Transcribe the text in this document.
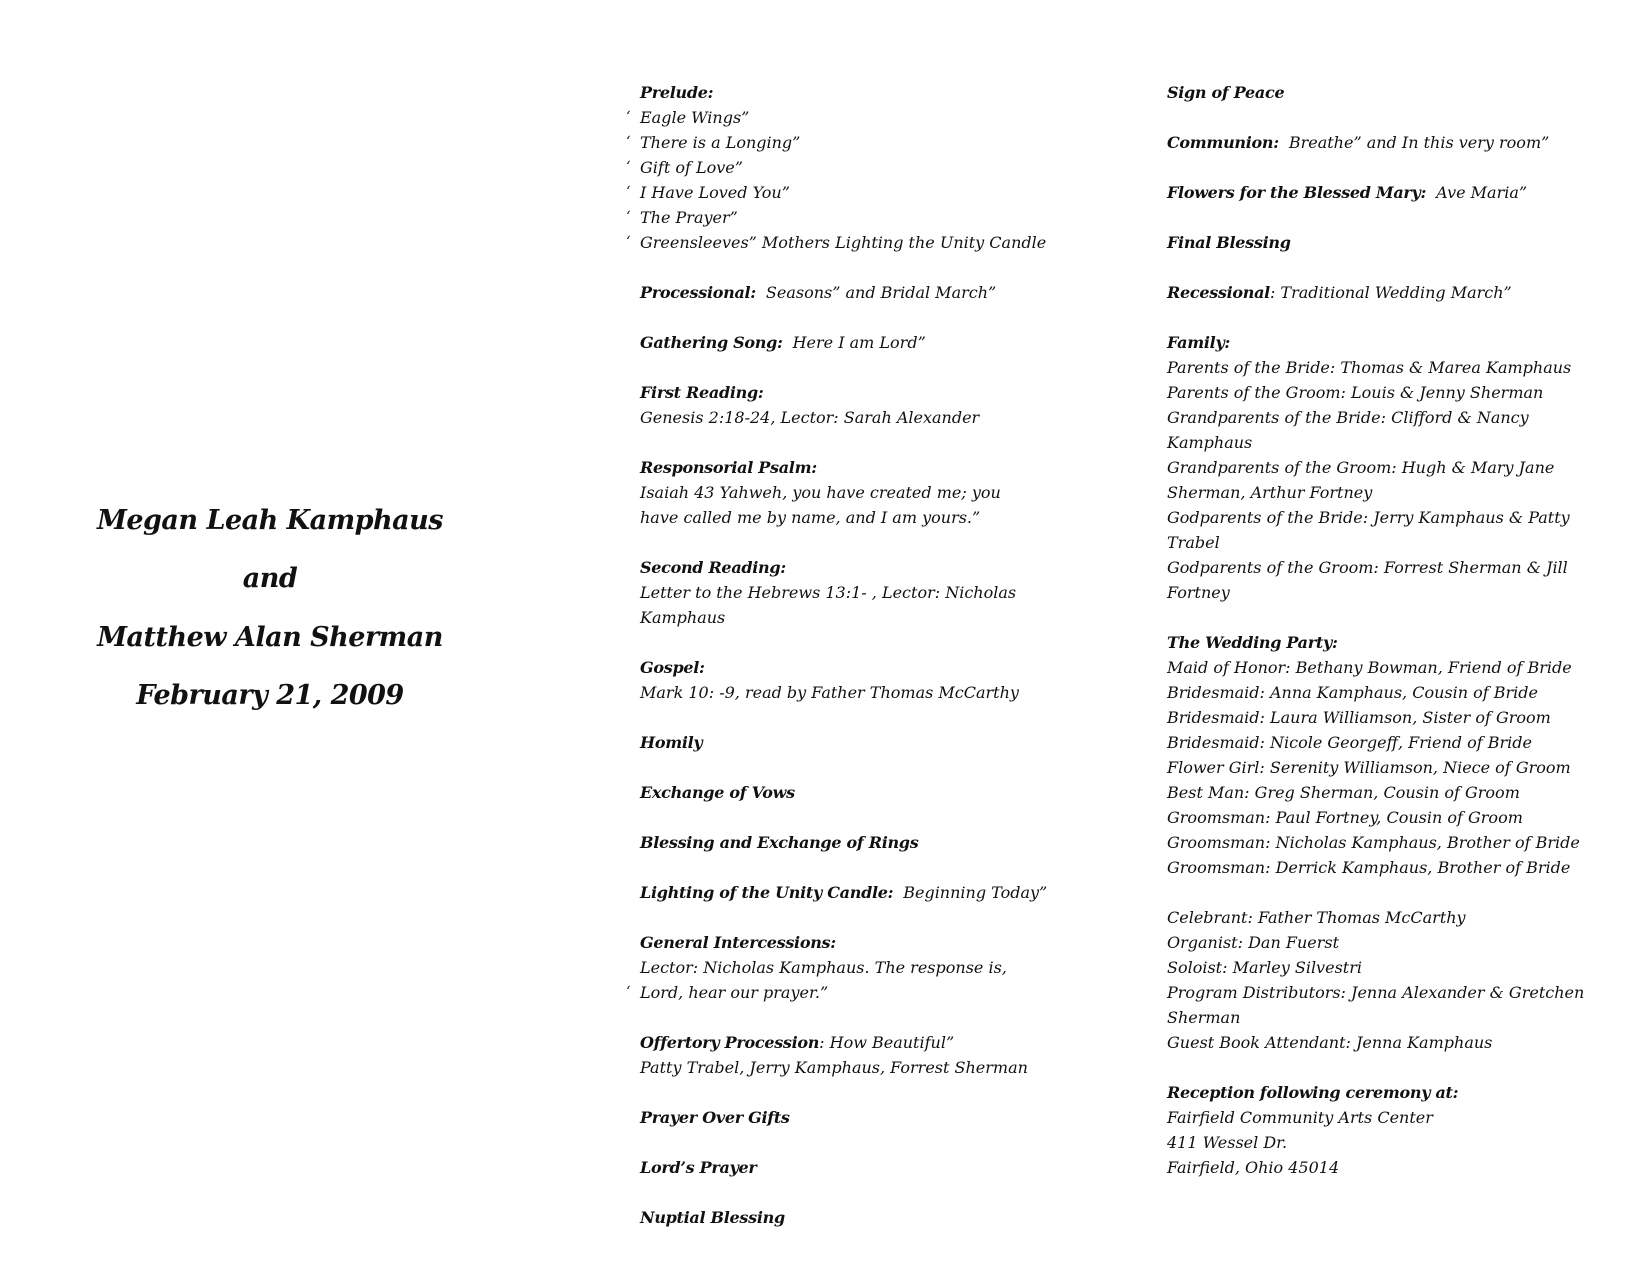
Megan Leah Kamphaus
and
Matthew Alan Sherman
February 21, 2009
Prelude:
‘ Eagle Wings”
‘ There is a Longing”
‘ Gift of Love”
‘ I Have Loved You”
‘ The Prayer”
‘ Greensleeves” Mothers Lighting the Unity Candle
Processional: Seasons” and Bridal March”
Gathering Song: Here I am Lord”
First Reading:
Genesis 2:18-24, Lector: Sarah Alexander
Responsorial Psalm:
Isaiah 43 Yahweh, you have created me; you
have called me by name, and I am yours.”
Second Reading:
Letter to the Hebrews 13:1- , Lector: Nicholas
Kamphaus
Gospel:
Mark 10: -9, read by Father Thomas McCarthy
Homily
Exchange of Vows
Blessing and Exchange of Rings
Lighting of the Unity Candle: Beginning Today”
General Intercessions:
Lector: Nicholas Kamphaus. The response is,
‘ Lord, hear our prayer.”
Offertory Procession: How Beautiful”
Patty Trabel, Jerry Kamphaus, Forrest Sherman
Prayer Over Gifts
Lord’s Prayer
Nuptial Blessing
Sign of Peace
Communion: Breathe” and In this very room”
Flowers for the Blessed Mary: Ave Maria”
Final Blessing
Recessional: Traditional Wedding March”
Family:
Parents of the Bride: Thomas & Marea Kamphaus
Parents of the Groom: Louis & Jenny Sherman
Grandparents of the Bride: Clifford & Nancy
Kamphaus
Grandparents of the Groom: Hugh & Mary Jane
Sherman, Arthur Fortney
Godparents of the Bride: Jerry Kamphaus & Patty
Trabel
Godparents of the Groom: Forrest Sherman & Jill
Fortney
The Wedding Party:
Maid of Honor: Bethany Bowman, Friend of Bride
Bridesmaid: Anna Kamphaus, Cousin of Bride
Bridesmaid: Laura Williamson, Sister of Groom
Bridesmaid: Nicole Georgeff, Friend of Bride
Flower Girl: Serenity Williamson, Niece of Groom
Best Man: Greg Sherman, Cousin of Groom
Groomsman: Paul Fortney, Cousin of Groom
Groomsman: Nicholas Kamphaus, Brother of Bride
Groomsman: Derrick Kamphaus, Brother of Bride
Celebrant: Father Thomas McCarthy
Organist: Dan Fuerst
Soloist: Marley Silvestri
Program Distributors: Jenna Alexander & Gretchen
Sherman
Guest Book Attendant: Jenna Kamphaus
Reception following ceremony at:
Fairfield Community Arts Center
411 Wessel Dr.
Fairfield, Ohio 45014
